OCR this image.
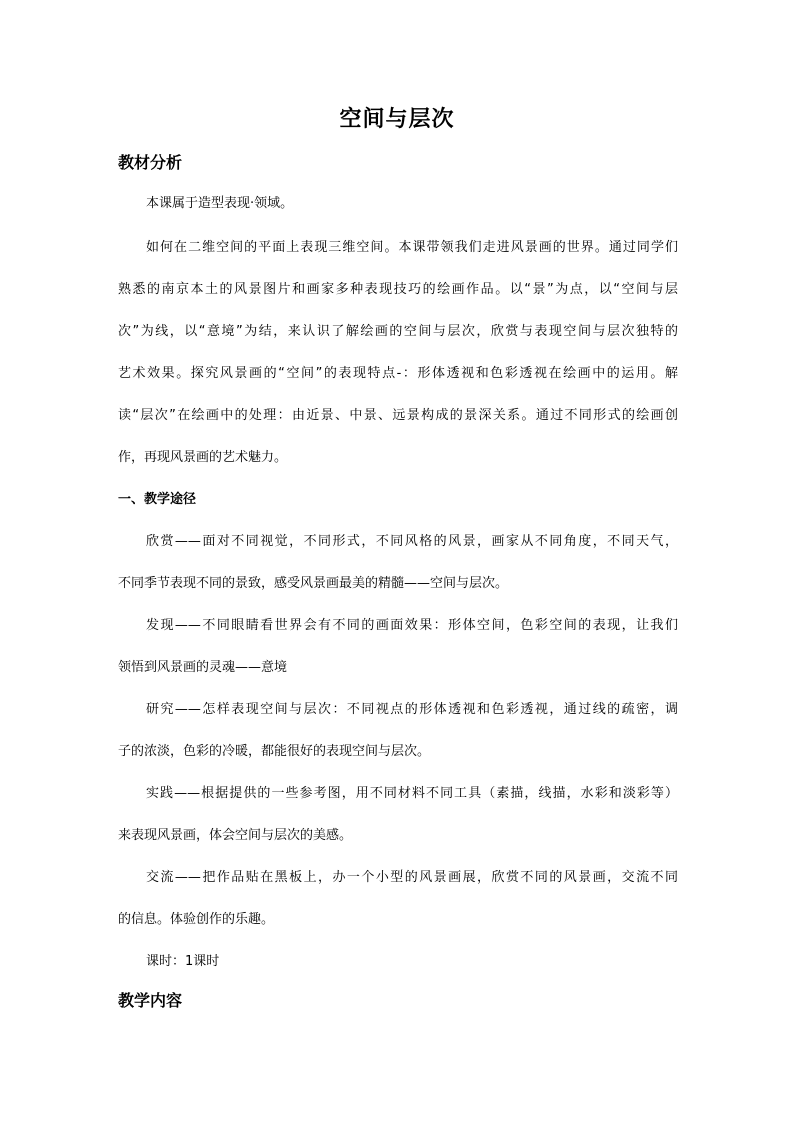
空间与层次
教材分析
本课属于造型表现·领域。
如何在二维空间的平面上表现三维空间。本课带领我们走进风景画的世界。通过同学们
熟悉的南京本土的风景图片和画家多种表现技巧的绘画作品。以“景”为点，以“空间与层
次”为线，以“意境”为结，来认识了解绘画的空间与层次，欣赏与表现空间与层次独特的
艺术效果。探究风景画的“空间”的表现特点-：形体透视和色彩透视在绘画中的运用。解
读“层次”在绘画中的处理：由近景、中景、远景构成的景深关系。通过不同形式的绘画创
作，再现风景画的艺术魅力。
一、教学途径
欣赏——面对不同视觉，不同形式，不同风格的风景，画家从不同角度，不同天气，
不同季节表现不同的景致，感受风景画最美的精髓——空间与层次。
发现——不同眼睛看世界会有不同的画面效果：形体空间，色彩空间的表现，让我们
领悟到风景画的灵魂——意境
研究——怎样表现空间与层次：不同视点的形体透视和色彩透视，通过线的疏密，调
子的浓淡，色彩的冷暖，都能很好的表现空间与层次。
实践——根据提供的一些参考图，用不同材料不同工具（素描，线描，水彩和淡彩等）
来表现风景画，体会空间与层次的美感。
交流——把作品贴在黑板上，办一个小型的风景画展，欣赏不同的风景画，交流不同
的信息。体验创作的乐趣。
课时：1课时
教学内容
